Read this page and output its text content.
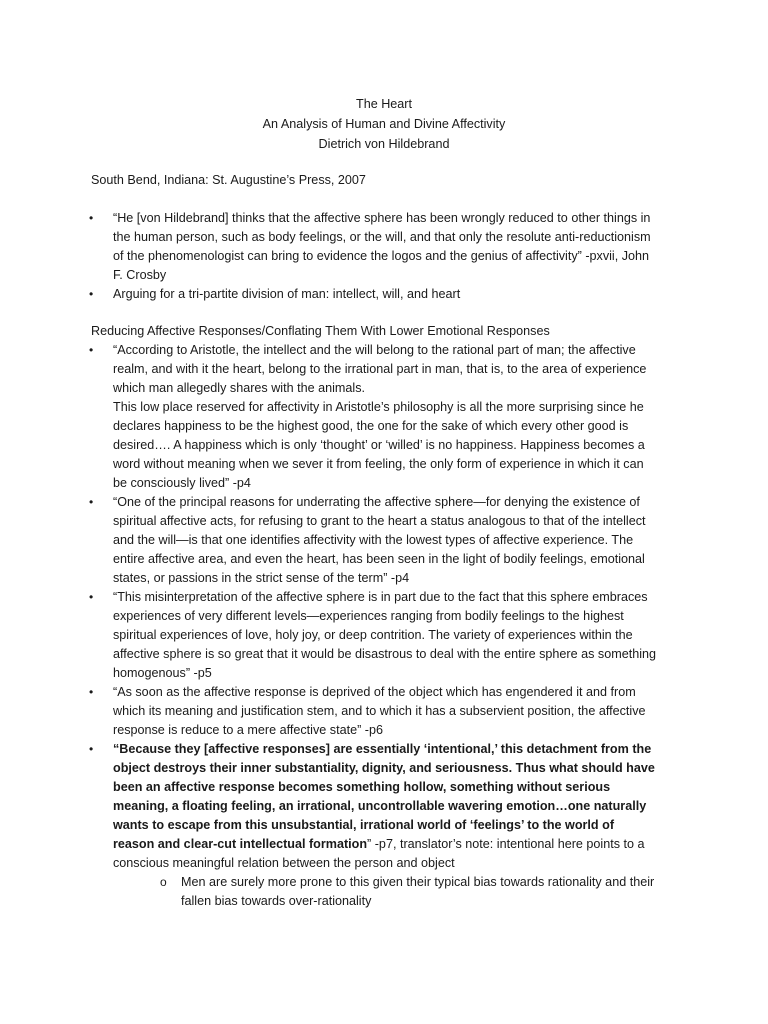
The Heart
An Analysis of Human and Divine Affectivity
Dietrich von Hildebrand
South Bend, Indiana: St. Augustine’s Press, 2007
• “He [von Hildebrand] thinks that the affective sphere has been wrongly reduced to other things in the human person, such as body feelings, or the will, and that only the resolute anti-reductionism of the phenomenologist can bring to evidence the logos and the genius of affectivity” -pxvii, John F. Crosby
• Arguing for a tri-partite division of man: intellect, will, and heart
Reducing Affective Responses/Conflating Them With Lower Emotional Responses
• “According to Aristotle, the intellect and the will belong to the rational part of man; the affective realm, and with it the heart, belong to the irrational part in man, that is, to the area of experience which man allegedly shares with the animals.
This low place reserved for affectivity in Aristotle’s philosophy is all the more surprising since he declares happiness to be the highest good, the one for the sake of which every other good is desired…. A happiness which is only ‘thought’ or ‘willed’ is no happiness. Happiness becomes a word without meaning when we sever it from feeling, the only form of experience in which it can be consciously lived” -p4
• “One of the principal reasons for underrating the affective sphere—for denying the existence of spiritual affective acts, for refusing to grant to the heart a status analogous to that of the intellect and the will—is that one identifies affectivity with the lowest types of affective experience. The entire affective area, and even the heart, has been seen in the light of bodily feelings, emotional states, or passions in the strict sense of the term” -p4
• “This misinterpretation of the affective sphere is in part due to the fact that this sphere embraces experiences of very different levels—experiences ranging from bodily feelings to the highest spiritual experiences of love, holy joy, or deep contrition. The variety of experiences within the affective sphere is so great that it would be disastrous to deal with the entire sphere as something homogenous” -p5
• “As soon as the affective response is deprived of the object which has engendered it and from which its meaning and justification stem, and to which it has a subservient position, the affective response is reduce to a mere affective state” -p6
• “Because they [affective responses] are essentially ‘intentional,’ this detachment from the object destroys their inner substantiality, dignity, and seriousness. Thus what should have been an affective response becomes something hollow, something without serious meaning, a floating feeling, an irrational, uncontrollable wavering emotion…one naturally wants to escape from this unsubstantial, irrational world of ‘feelings’ to the world of reason and clear-cut intellectual formation” -p7, translator’s note: intentional here points to a conscious meaningful relation between the person and object
o Men are surely more prone to this given their typical bias towards rationality and their fallen bias towards over-rationality
